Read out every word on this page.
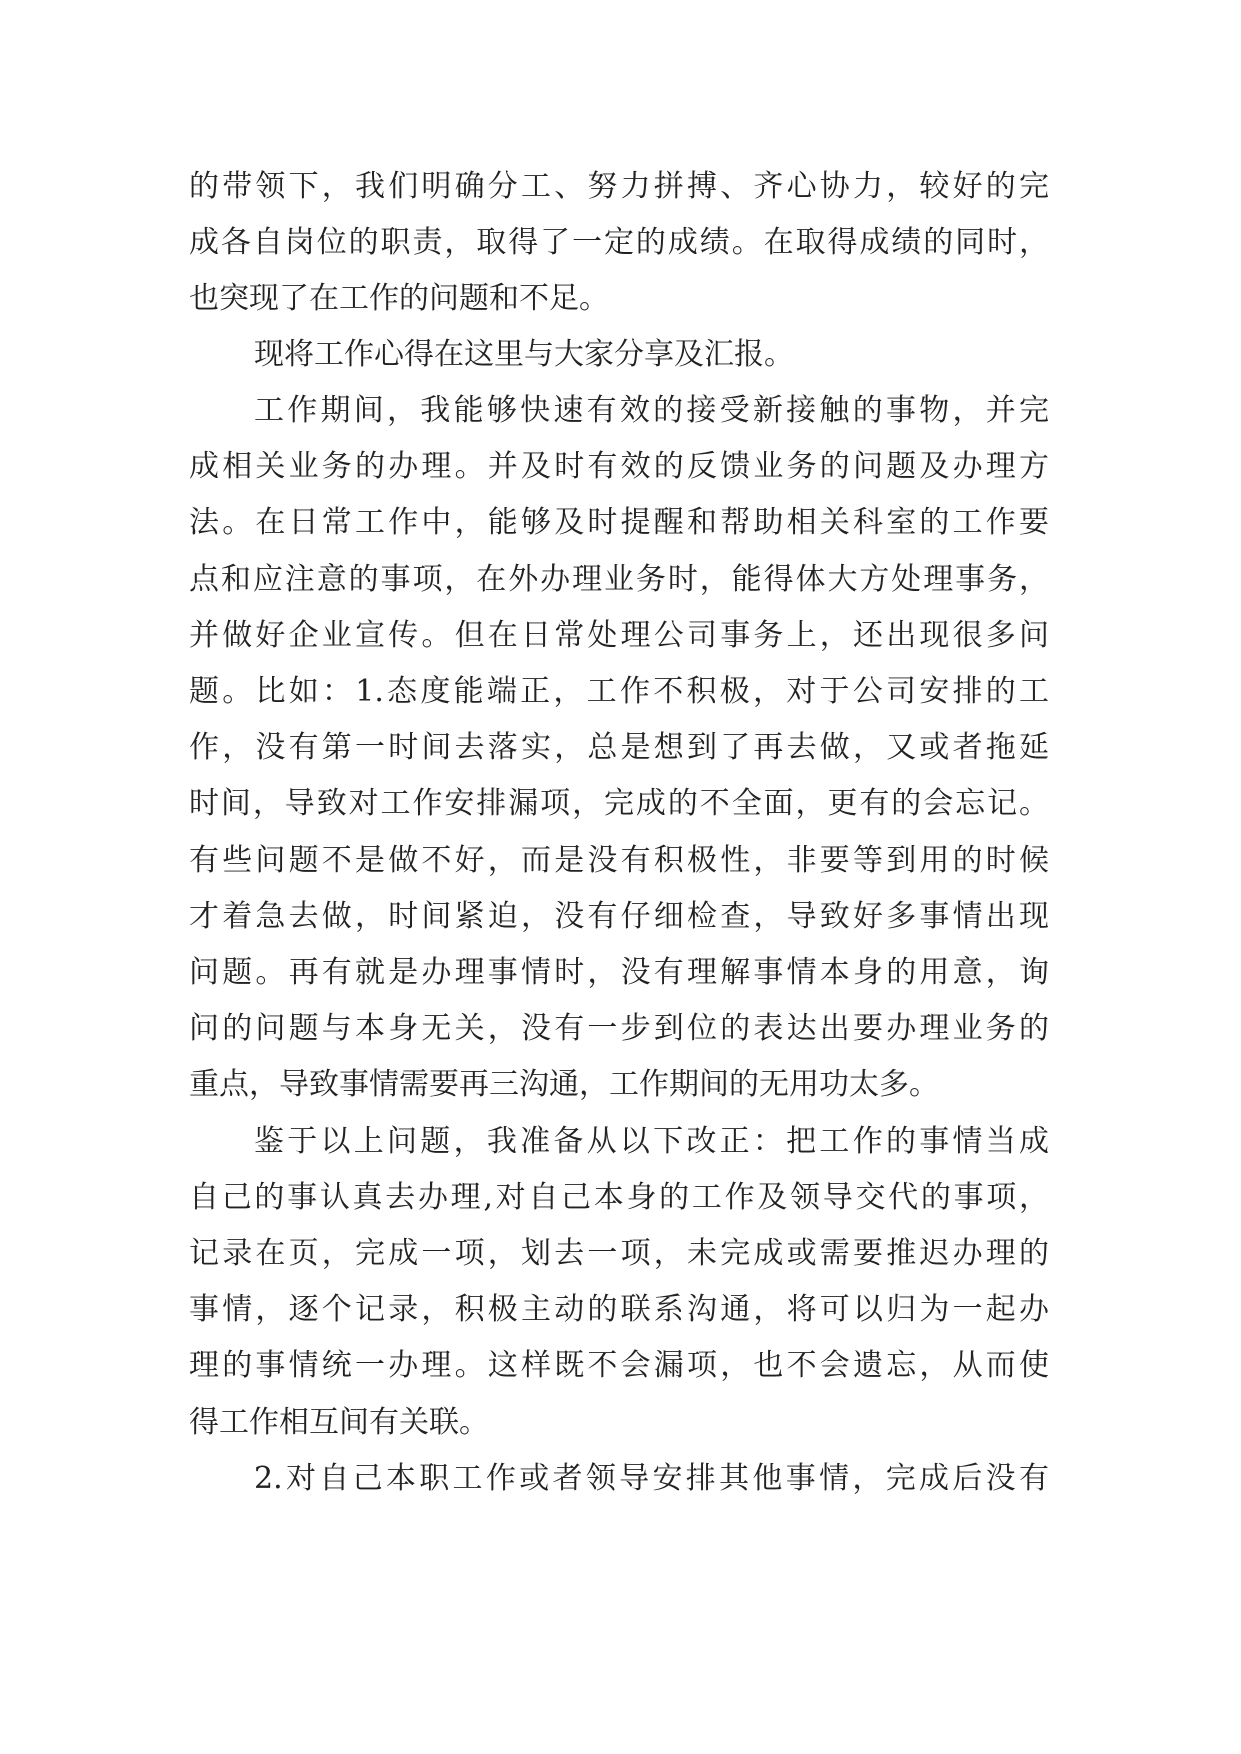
的带领下，我们明确分工、努力拼搏、齐心协力，较好的完
成各自岗位的职责，取得了一定的成绩。在取得成绩的同时，
也突现了在工作的问题和不足。
现将工作心得在这里与大家分享及汇报。
工作期间，我能够快速有效的接受新接触的事物，并完
成相关业务的办理。并及时有效的反馈业务的问题及办理方
法。在日常工作中，能够及时提醒和帮助相关科室的工作要
点和应注意的事项，在外办理业务时，能得体大方处理事务，
并做好企业宣传。但在日常处理公司事务上，还出现很多问
题。比如：1.态度能端正，工作不积极，对于公司安排的工
作，没有第一时间去落实，总是想到了再去做，又或者拖延
时间，导致对工作安排漏项，完成的不全面，更有的会忘记。
有些问题不是做不好，而是没有积极性，非要等到用的时候
才着急去做，时间紧迫，没有仔细检查，导致好多事情出现
问题。再有就是办理事情时，没有理解事情本身的用意，询
问的问题与本身无关，没有一步到位的表达出要办理业务的
重点，导致事情需要再三沟通，工作期间的无用功太多。
鉴于以上问题，我准备从以下改正：把工作的事情当成
自己的事认真去办理,对自己本身的工作及领导交代的事项，
记录在页，完成一项，划去一项，未完成或需要推迟办理的
事情，逐个记录，积极主动的联系沟通，将可以归为一起办
理的事情统一办理。这样既不会漏项，也不会遗忘，从而使
得工作相互间有关联。
2.对自己本职工作或者领导安排其他事情，完成后没有
